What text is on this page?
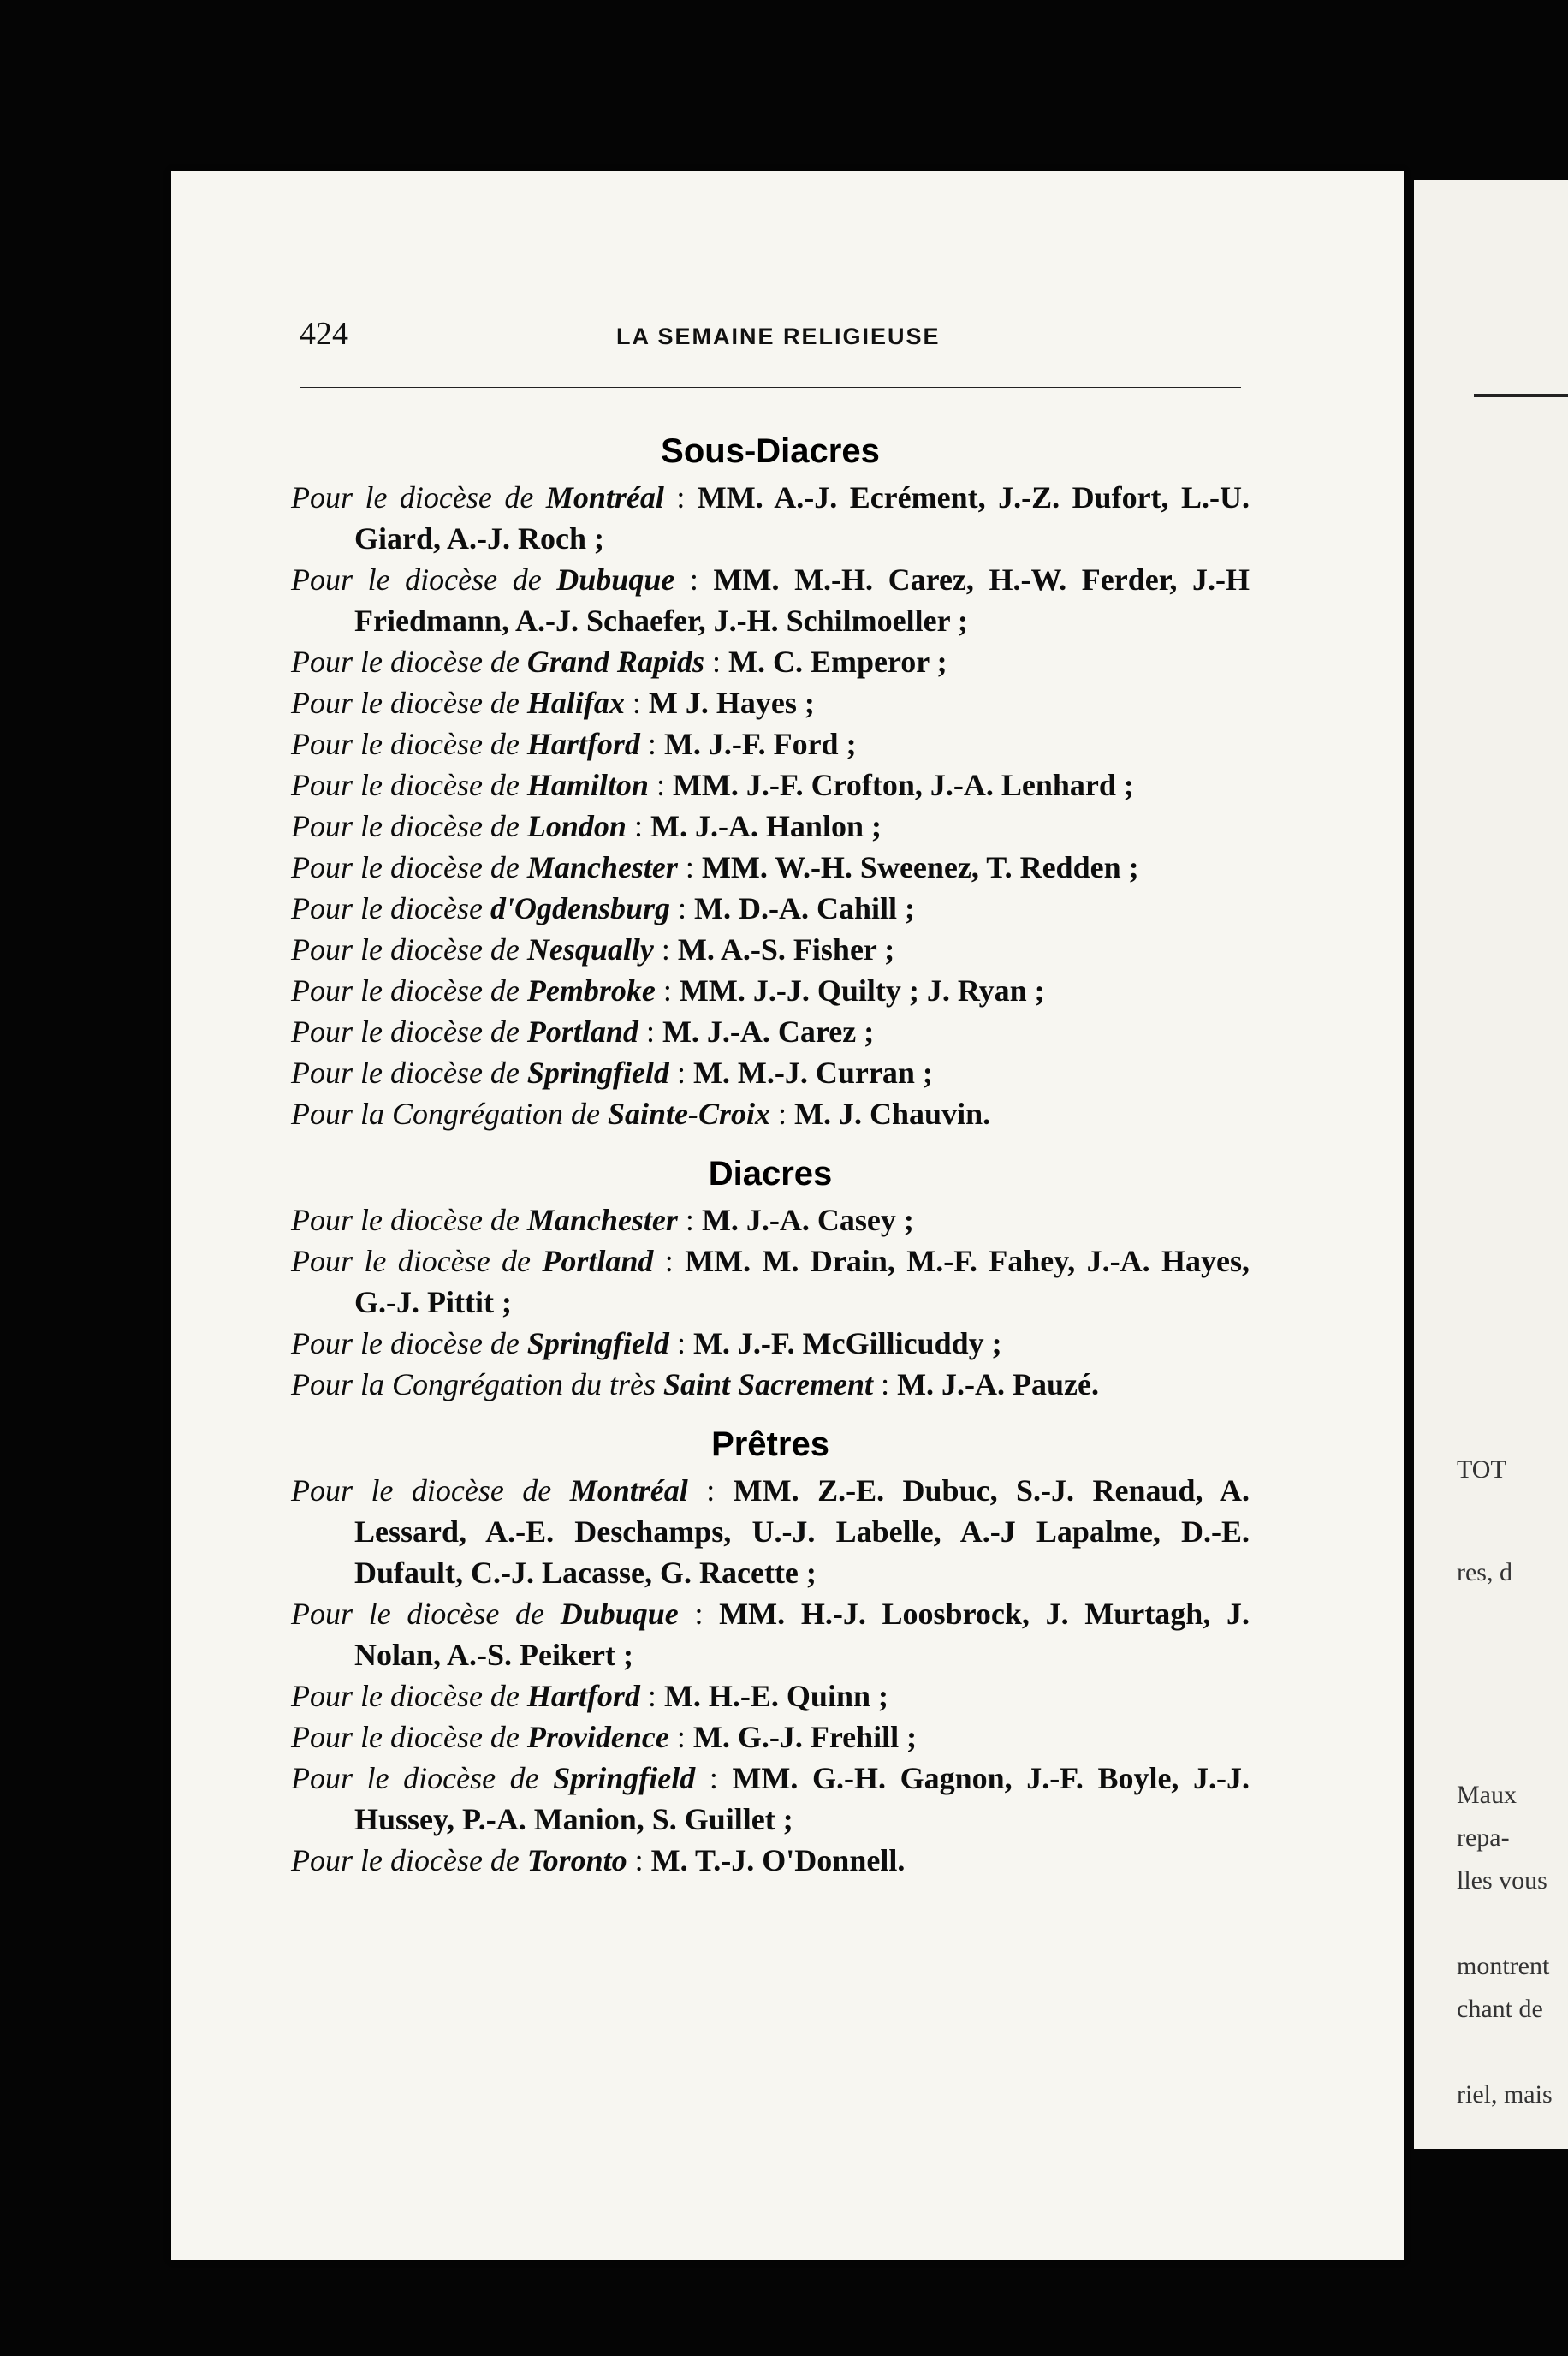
TOT
res, d
Maux
repa-
lles vous
montrent
chant de
riel, mais
424	LA SEMAINE RELIGIEUSE
Sous-Diacres
Pour le diocèse de Montréal : MM. A.-J. Ecrément, J.-Z. Dufort, L.-U. Giard, A.-J. Roch ;
Pour le diocèse de Dubuque : MM. M.-H. Carez, H.-W. Ferder, J.-H Friedmann, A.-J. Schaefer, J.-H. Schilmoeller ;
Pour le diocèse de Grand Rapids : M. C. Emperor ;
Pour le diocèse de Halifax : M J. Hayes ;
Pour le diocèse de Hartford : M. J.-F. Ford ;
Pour le diocèse de Hamilton : MM. J.-F. Crofton, J.-A. Lenhard ;
Pour le diocèse de London : M. J.-A. Hanlon ;
Pour le diocèse de Manchester : MM. W.-H. Sweenez, T. Redden ;
Pour le diocèse d'Ogdensburg : M. D.-A. Cahill ;
Pour le diocèse de Nesqually : M. A.-S. Fisher ;
Pour le diocèse de Pembroke : MM. J.-J. Quilty ; J. Ryan ;
Pour le diocèse de Portland : M. J.-A. Carez ;
Pour le diocèse de Springfield : M. M.-J. Curran ;
Pour la Congrégation de Sainte-Croix : M. J. Chauvin.
Diacres
Pour le diocèse de Manchester : M. J.-A. Casey ;
Pour le diocèse de Portland : MM. M. Drain, M.-F. Fahey, J.-A. Hayes, G.-J. Pittit ;
Pour le diocèse de Springfield : M. J.-F. McGillicuddy ;
Pour la Congrégation du très Saint Sacrement : M. J.-A. Pauzé.
Prêtres
Pour le diocèse de Montréal : MM. Z.-E. Dubuc, S.-J. Renaud, A. Lessard, A.-E. Deschamps, U.-J. Labelle, A.-J Lapalme, D.-E. Dufault, C.-J. Lacasse, G. Racette ;
Pour le diocèse de Dubuque : MM. H.-J. Loosbrock, J. Murtagh, J. Nolan, A.-S. Peikert ;
Pour le diocèse de Hartford : M. H.-E. Quinn ;
Pour le diocèse de Providence : M. G.-J. Frehill ;
Pour le diocèse de Springfield : MM. G.-H. Gagnon, J.-F. Boyle, J.-J. Hussey, P.-A. Manion, S. Guillet ;
Pour le diocèse de Toronto : M. T.-J. O'Donnell.
